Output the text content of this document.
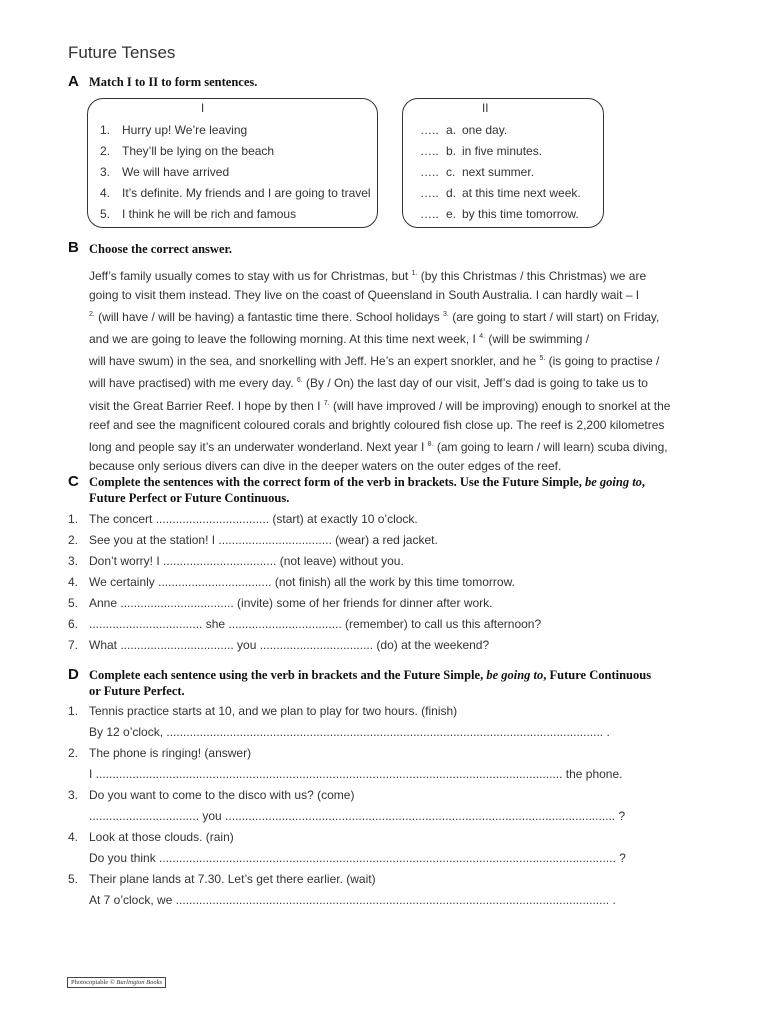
Future Tenses
A Match I to II to form sentences.
I	II
1. Hurry up! We’re leaving
2. They’ll be lying on the beach
3. We will have arrived
4. It’s definite. My friends and I are going to travel
5. I think he will be rich and famous
….. a. one day.
….. b. in five minutes.
….. c. next summer.
….. d. at this time next week.
….. e. by this time tomorrow.
B Choose the correct answer.

Jeff’s family usually comes to stay with us for Christmas, but $^{1.}$ (by this Christmas / this Christmas) we are

going to visit them instead. They live on the coast of Queensland in South Australia. I can hardly wait – I

$^{2.}$ (will have / will be having) a fantastic time there. School holidays $^{3.}$ (are going to start / will start) on Friday,

and we are going to leave the following morning. At this time next week, I $^{4.}$ (will be swimming /

will have swum) in the sea, and snorkelling with Jeff. He’s an expert snorkler, and he $^{5.}$ (is going to practise /

will have practised) with me every day. $^{6.}$ (By / On) the last day of our visit, Jeff’s dad is going to take us to

visit the Great Barrier Reef. I hope by then I $^{7.}$ (will have improved / will be improving) enough to snorkel at the

reef and see the magnificent coloured corals and brightly coloured fish close up. The reef is 2,200 kilometres

long and people say it’s an underwater wonderland. Next year I $^{8.}$ (am going to learn / will learn) scuba diving,

because only serious divers can dive in the deeper waters on the outer edges of the reef.

C Complete the sentences with the correct form of the verb in brackets. Use the Future Simple, be going to,
Future Perfect or Future Continuous.
1. The concert .................................. (start) at exactly 10 o’clock.
2. See you at the station! I .................................. (wear) a red jacket.
3. Don’t worry! I .................................. (not leave) without you.
4. We certainly .................................. (not finish) all the work by this time tomorrow.
5. Anne .................................. (invite) some of her friends for dinner after work.
6. .................................. she .................................. (remember) to call us this afternoon?
7. What .................................. you .................................. (do) at the weekend?
D Complete each sentence using the verb in brackets and the Future Simple, be going to, Future Continuous
or Future Perfect.
1. Tennis practice starts at 10, and we plan to play for two hours. (finish)
By 12 o’clock, ................................................................................................................................... .
2. The phone is ringing! (answer)
I ............................................................................................................................................ the phone.
3. Do you want to come to the disco with us? (come)
................................. you ..................................................................................................................... ?
4. Look at those clouds. (rain)
Do you think ......................................................................................................................................... ?
5. Their plane lands at 7.30. Let’s get there earlier. (wait)
At 7 o’clock, we .................................................................................................................................. .
Photocopiable © Burlington Books
